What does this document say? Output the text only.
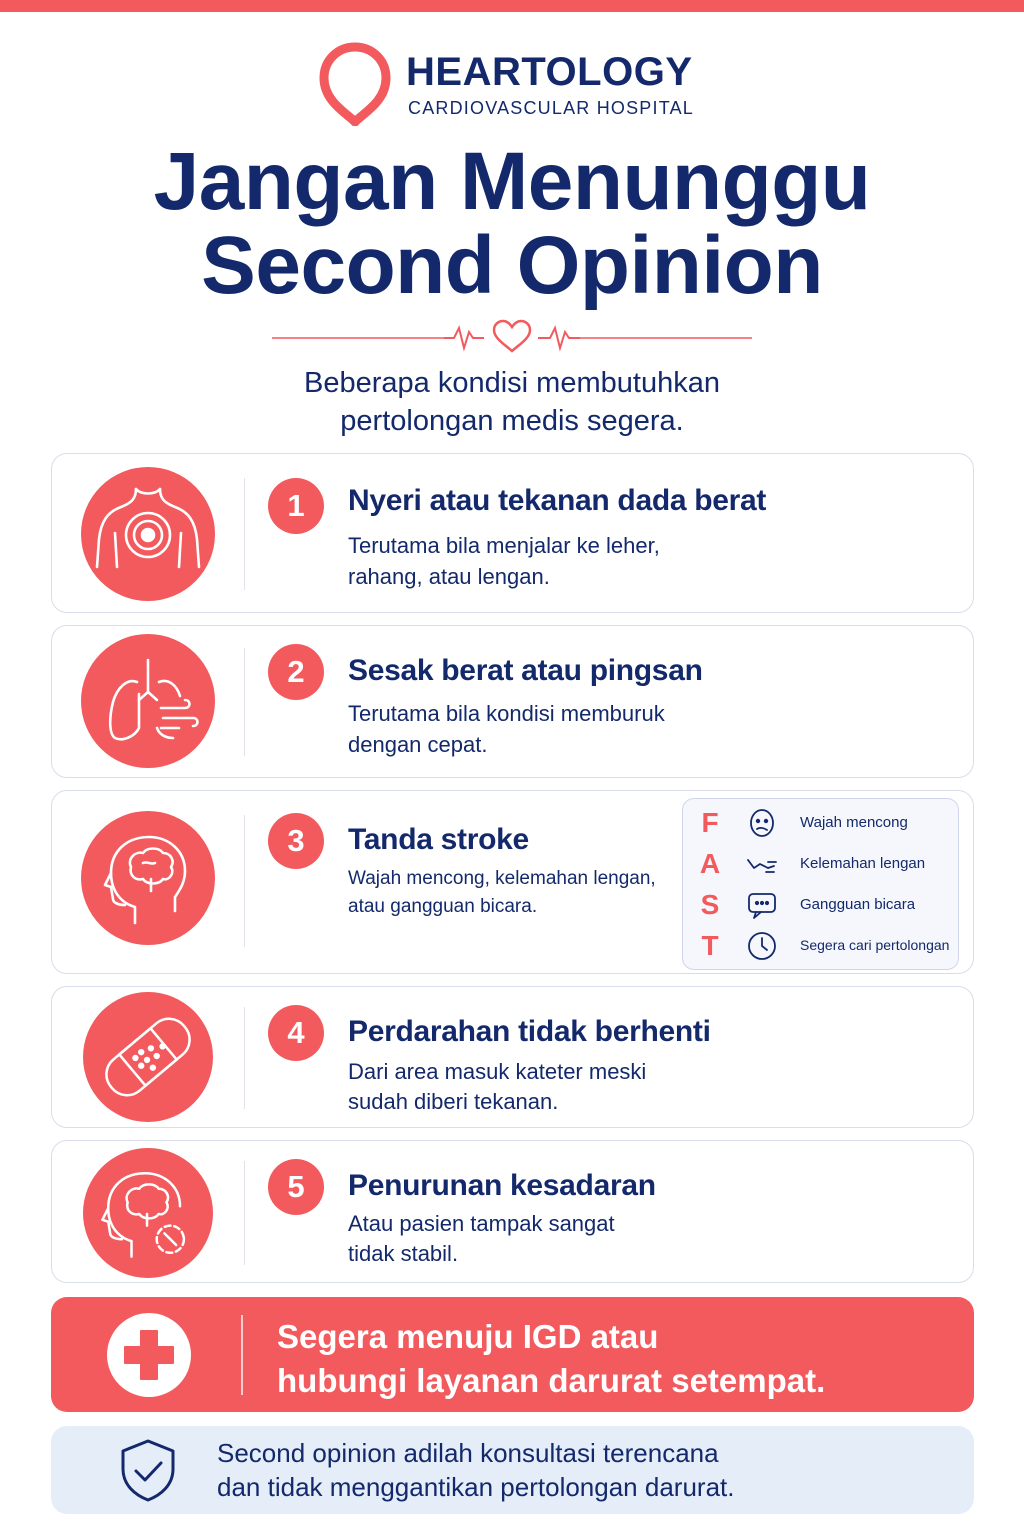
HEARTOLOGY
CARDIOVASCULAR HOSPITAL
Jangan Menunggu
Second Opinion
Beberapa kondisi membutuhkan
pertolongan medis segera.
1	Nyeri atau tekanan dada berat
Terutama bila menjalar ke leher,
rahang, atau lengan.
2	Sesak berat atau pingsan
Terutama bila kondisi memburuk
dengan cepat.
3	Tanda stroke
Wajah mencong, kelemahan lengan,
atau gangguan bicara.
F	Wajah mencong
A	Kelemahan lengan
S	Gangguan bicara
T	Segera cari pertolongan
4	Perdarahan tidak berhenti
Dari area masuk kateter meski
sudah diberi tekanan.
5	Penurunan kesadaran
Atau pasien tampak sangat
tidak stabil.
Segera menuju IGD atau
hubungi layanan darurat setempat.
Second opinion adilah konsultasi terencana
dan tidak menggantikan pertolongan darurat.
